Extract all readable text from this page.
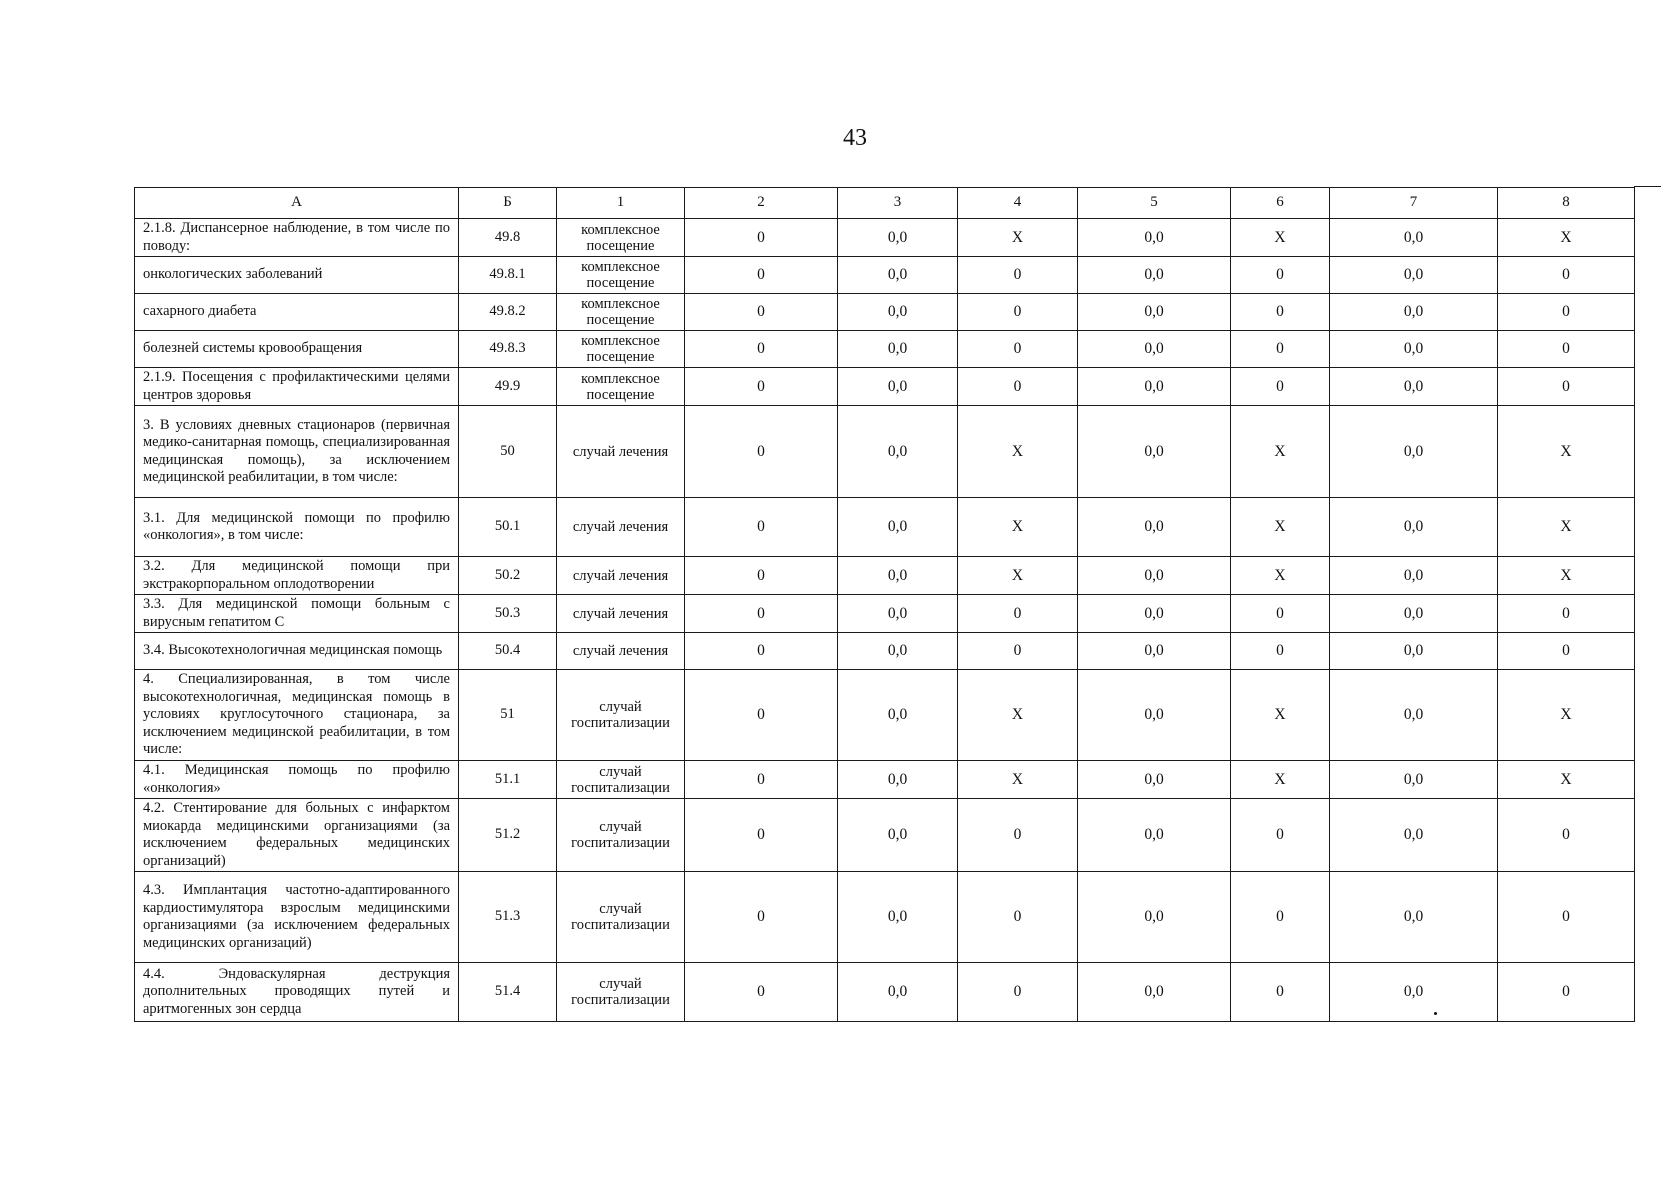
43
А	Б	1	2	3	4	5	6	7	8
2.1.8. Диспансерное наблюдение, в том числе по поводу:	49.8	комплексное посещение	0	0,0	X	0,0	X	0,0	X
онкологических заболеваний	49.8.1	комплексное посещение	0	0,0	0	0,0	0	0,0	0
сахарного диабета	49.8.2	комплексное посещение	0	0,0	0	0,0	0	0,0	0
болезней системы кровообращения	49.8.3	комплексное посещение	0	0,0	0	0,0	0	0,0	0
2.1.9. Посещения с профилактическими целями центров здоровья	49.9	комплексное посещение	0	0,0	0	0,0	0	0,0	0
3. В условиях дневных стационаров (первичная медико-санитарная помощь, специализированная медицинская помощь), за исключением медицинской реабилитации, в том числе:	50	случай лечения	0	0,0	X	0,0	X	0,0	X
3.1. Для медицинской помощи по профилю «онкология», в том числе:	50.1	случай лечения	0	0,0	X	0,0	X	0,0	X
3.2. Для медицинской помощи при экстракорпоральном оплодотворении	50.2	случай лечения	0	0,0	X	0,0	X	0,0	X
3.3. Для медицинской помощи больным с вирусным гепатитом С	50.3	случай лечения	0	0,0	0	0,0	0	0,0	0
3.4. Высокотехнологичная медицинская помощь	50.4	случай лечения	0	0,0	0	0,0	0	0,0	0
4. Специализированная, в том числе высокотехнологичная, медицинская помощь в условиях круглосуточного стационара, за исключением медицинской реабилитации, в том числе:	51	случай госпитализации	0	0,0	X	0,0	X	0,0	X
4.1. Медицинская помощь по профилю «онкология»	51.1	случай госпитализации	0	0,0	X	0,0	X	0,0	X
4.2. Стентирование для больных с инфарктом миокарда медицинскими организациями (за исключением федеральных медицинских организаций)	51.2	случай госпитализации	0	0,0	0	0,0	0	0,0	0
4.3. Имплантация частотно-адаптированного кардиостимулятора взрослым медицинскими организациями (за исключением федеральных медицинских организаций)	51.3	случай госпитализации	0	0,0	0	0,0	0	0,0	0
4.4. Эндоваскулярная деструкция дополнительных проводящих путей и аритмогенных зон сердца	51.4	случай госпитализации	0	0,0	0	0,0	0	0,0	0
